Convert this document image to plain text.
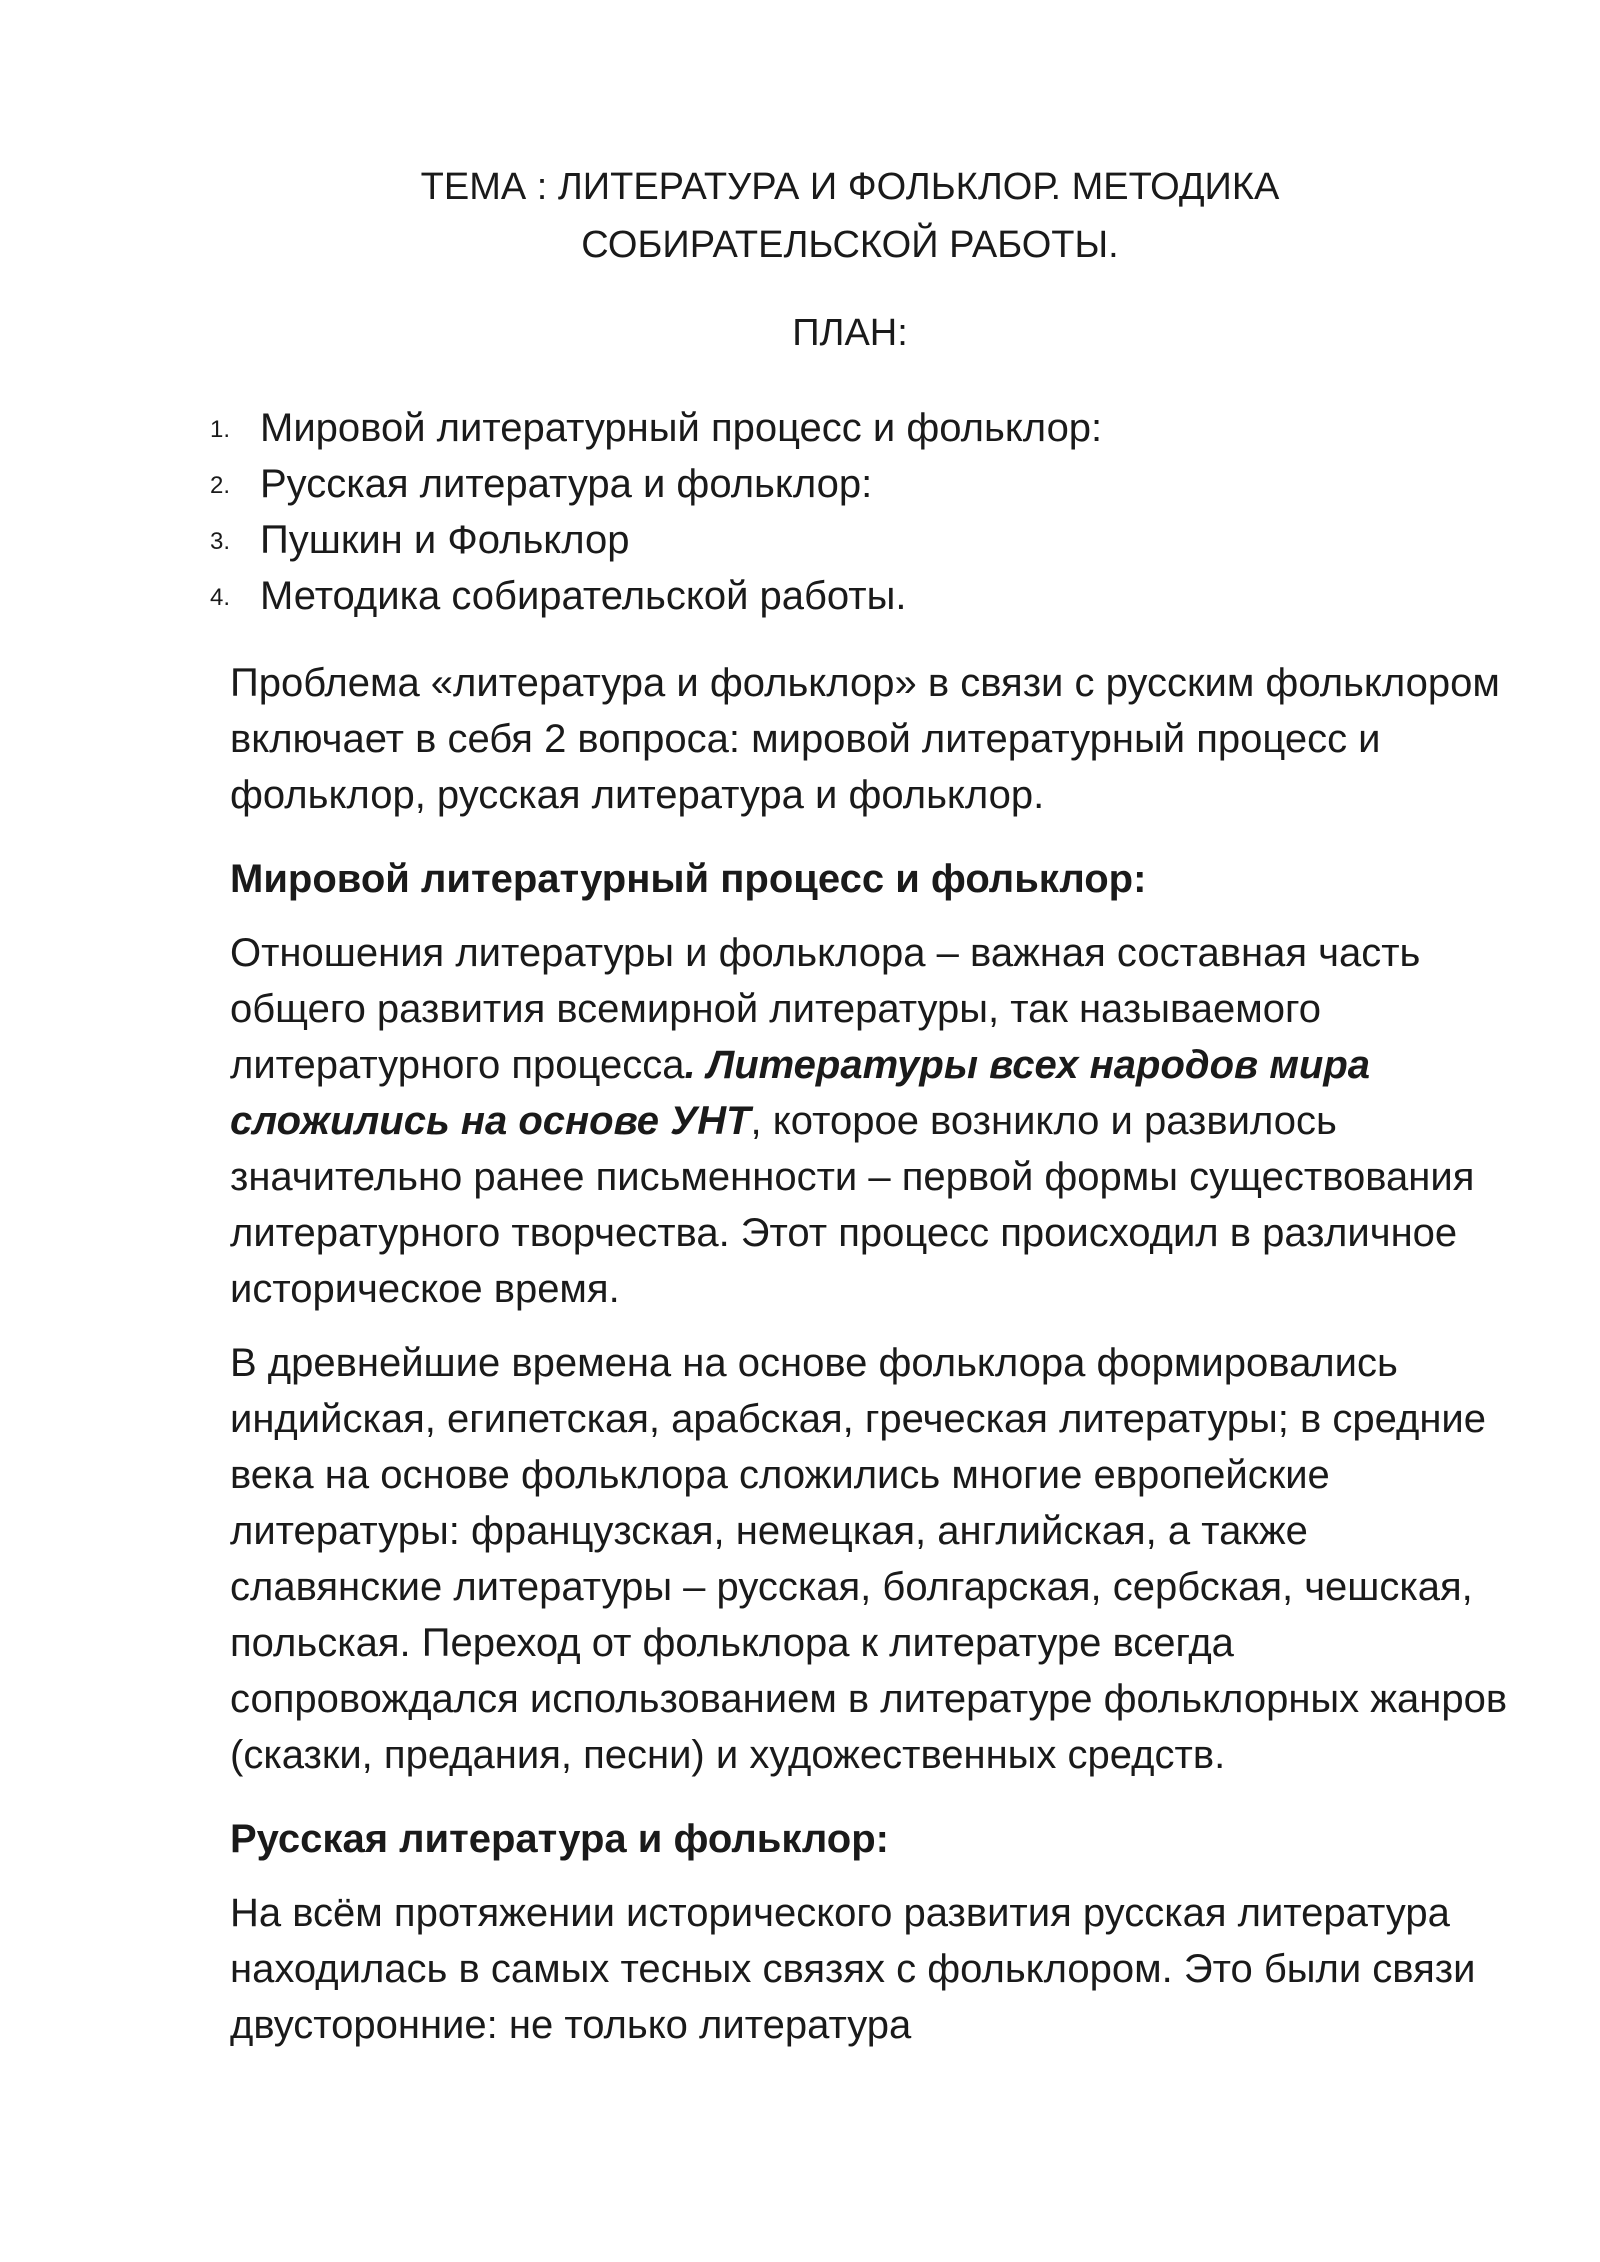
ТЕМА : ЛИТЕРАТУРА И ФОЛЬКЛОР. МЕТОДИКА
СОБИРАТЕЛЬСКОЙ РАБОТЫ.
ПЛАН:
1. Мировой литературный процесс и фольклор:
2. Русская литература и фольклор:
3. Пушкин и Фольклор
4. Методика собирательской работы.

Проблема «литература и фольклор» в связи с русским фольклором включает в себя 2 вопроса: мировой литературный процесс и фольклор, русская литература и фольклор.

Мировой литературный процесс и фольклор:

Отношения литературы и фольклора – важная составная часть общего развития всемирной литературы, так называемого литературного процесса. Литературы всех народов мира сложились на основе УНТ, которое возникло и развилось значительно ранее письменности – первой формы существования литературного творчества. Этот процесс происходил в различное историческое время.

В древнейшие времена на основе фольклора формировались индийская, египетская, арабская, греческая литературы; в средние века на основе фольклора сложились многие европейские литературы: французская, немецкая, английская, а также славянские литературы – русская, болгарская, сербская, чешская, польская. Переход от фольклора к литературе всегда сопровождался использованием в литературе фольклорных жанров (сказки, предания, песни) и художественных средств.

Русская литература и фольклор:

На всём протяжении исторического развития русская литература находилась в самых тесных связях с фольклором. Это были связи двусторонние: не только литература
